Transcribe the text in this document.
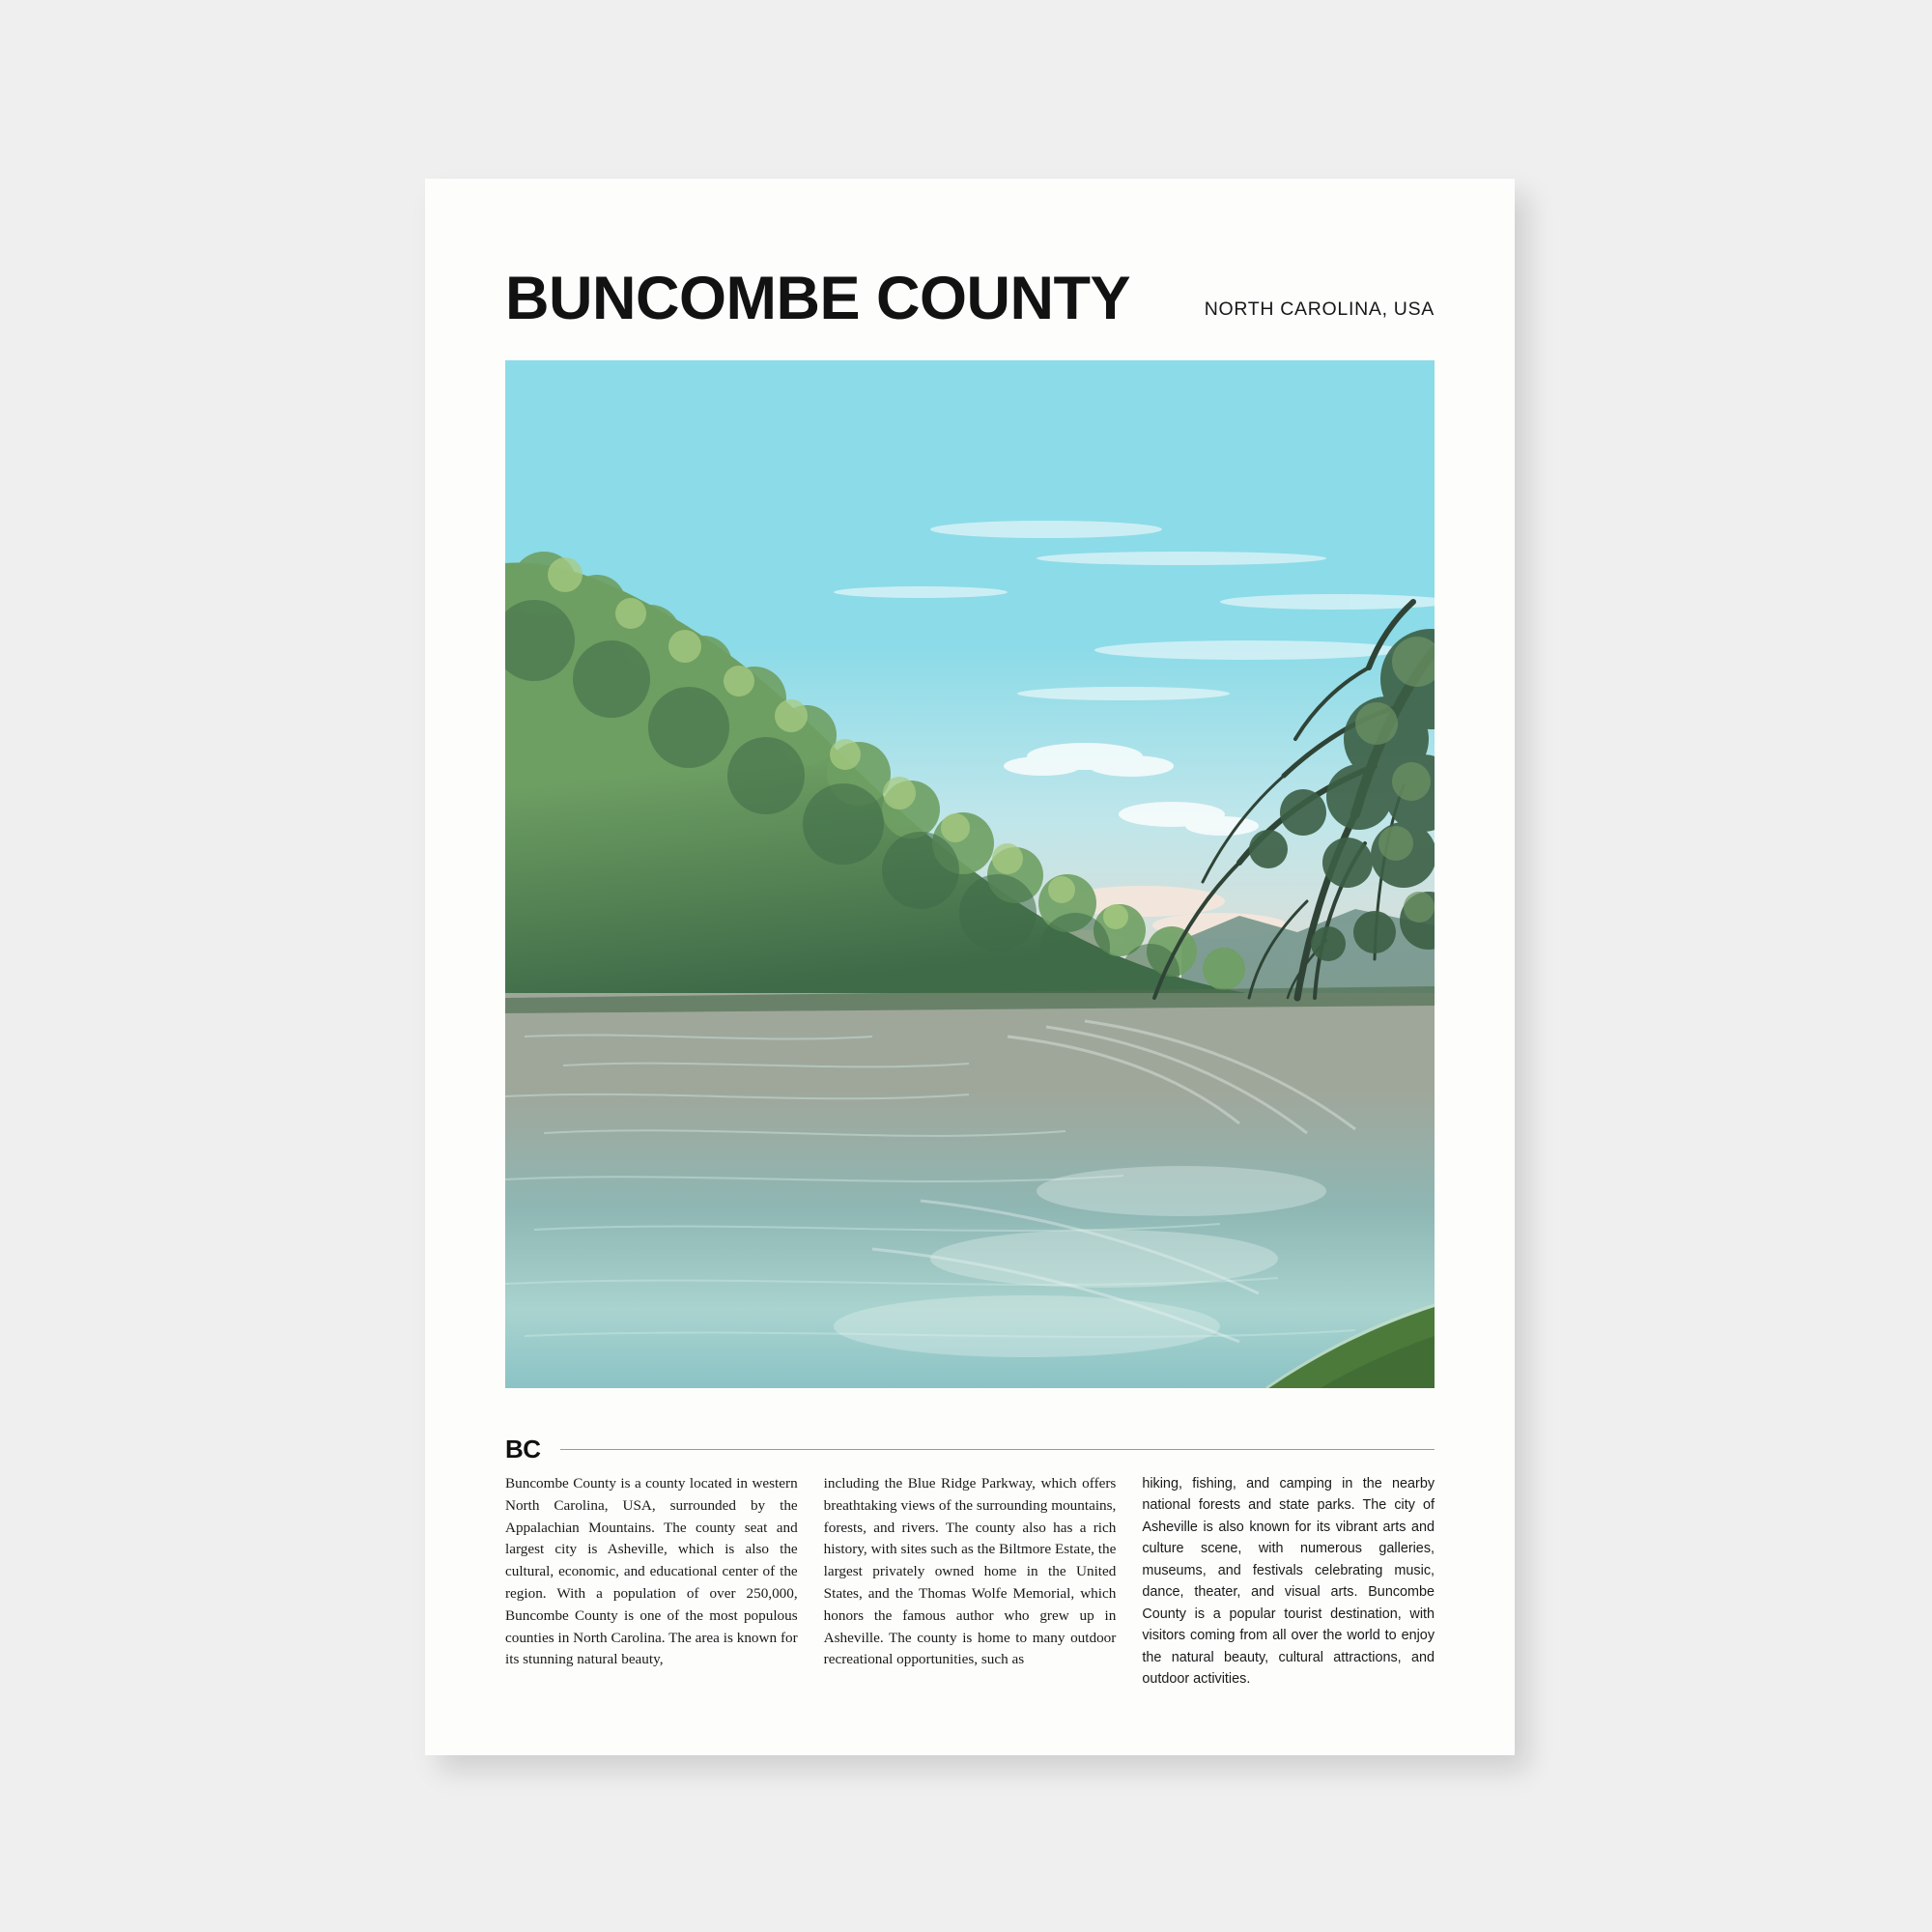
BUNCOMBE COUNTY	NORTH CAROLINA, USA
BC
Buncombe County is a county located in western North Carolina, USA, surrounded by the Appalachian Mountains. The county seat and largest city is Asheville, which is also the cultural, economic, and educational center of the region. With a population of over 250,000, Buncombe County is one of the most populous counties in North Carolina. The area is known for its stunning natural beauty,
including the Blue Ridge Parkway, which offers breathtaking views of the surrounding mountains, forests, and rivers. The county also has a rich history, with sites such as the Biltmore Estate, the largest privately owned home in the United States, and the Thomas Wolfe Memorial, which honors the famous author who grew up in Asheville. The county is home to many outdoor recreational opportunities, such as
hiking, fishing, and camping in the nearby national forests and state parks. The city of Asheville is also known for its vibrant arts and culture scene, with numerous galleries, museums, and festivals celebrating music, dance, theater, and visual arts. Buncombe County is a popular tourist destination, with visitors coming from all over the world to enjoy the natural beauty, cultural attractions, and outdoor activities.
